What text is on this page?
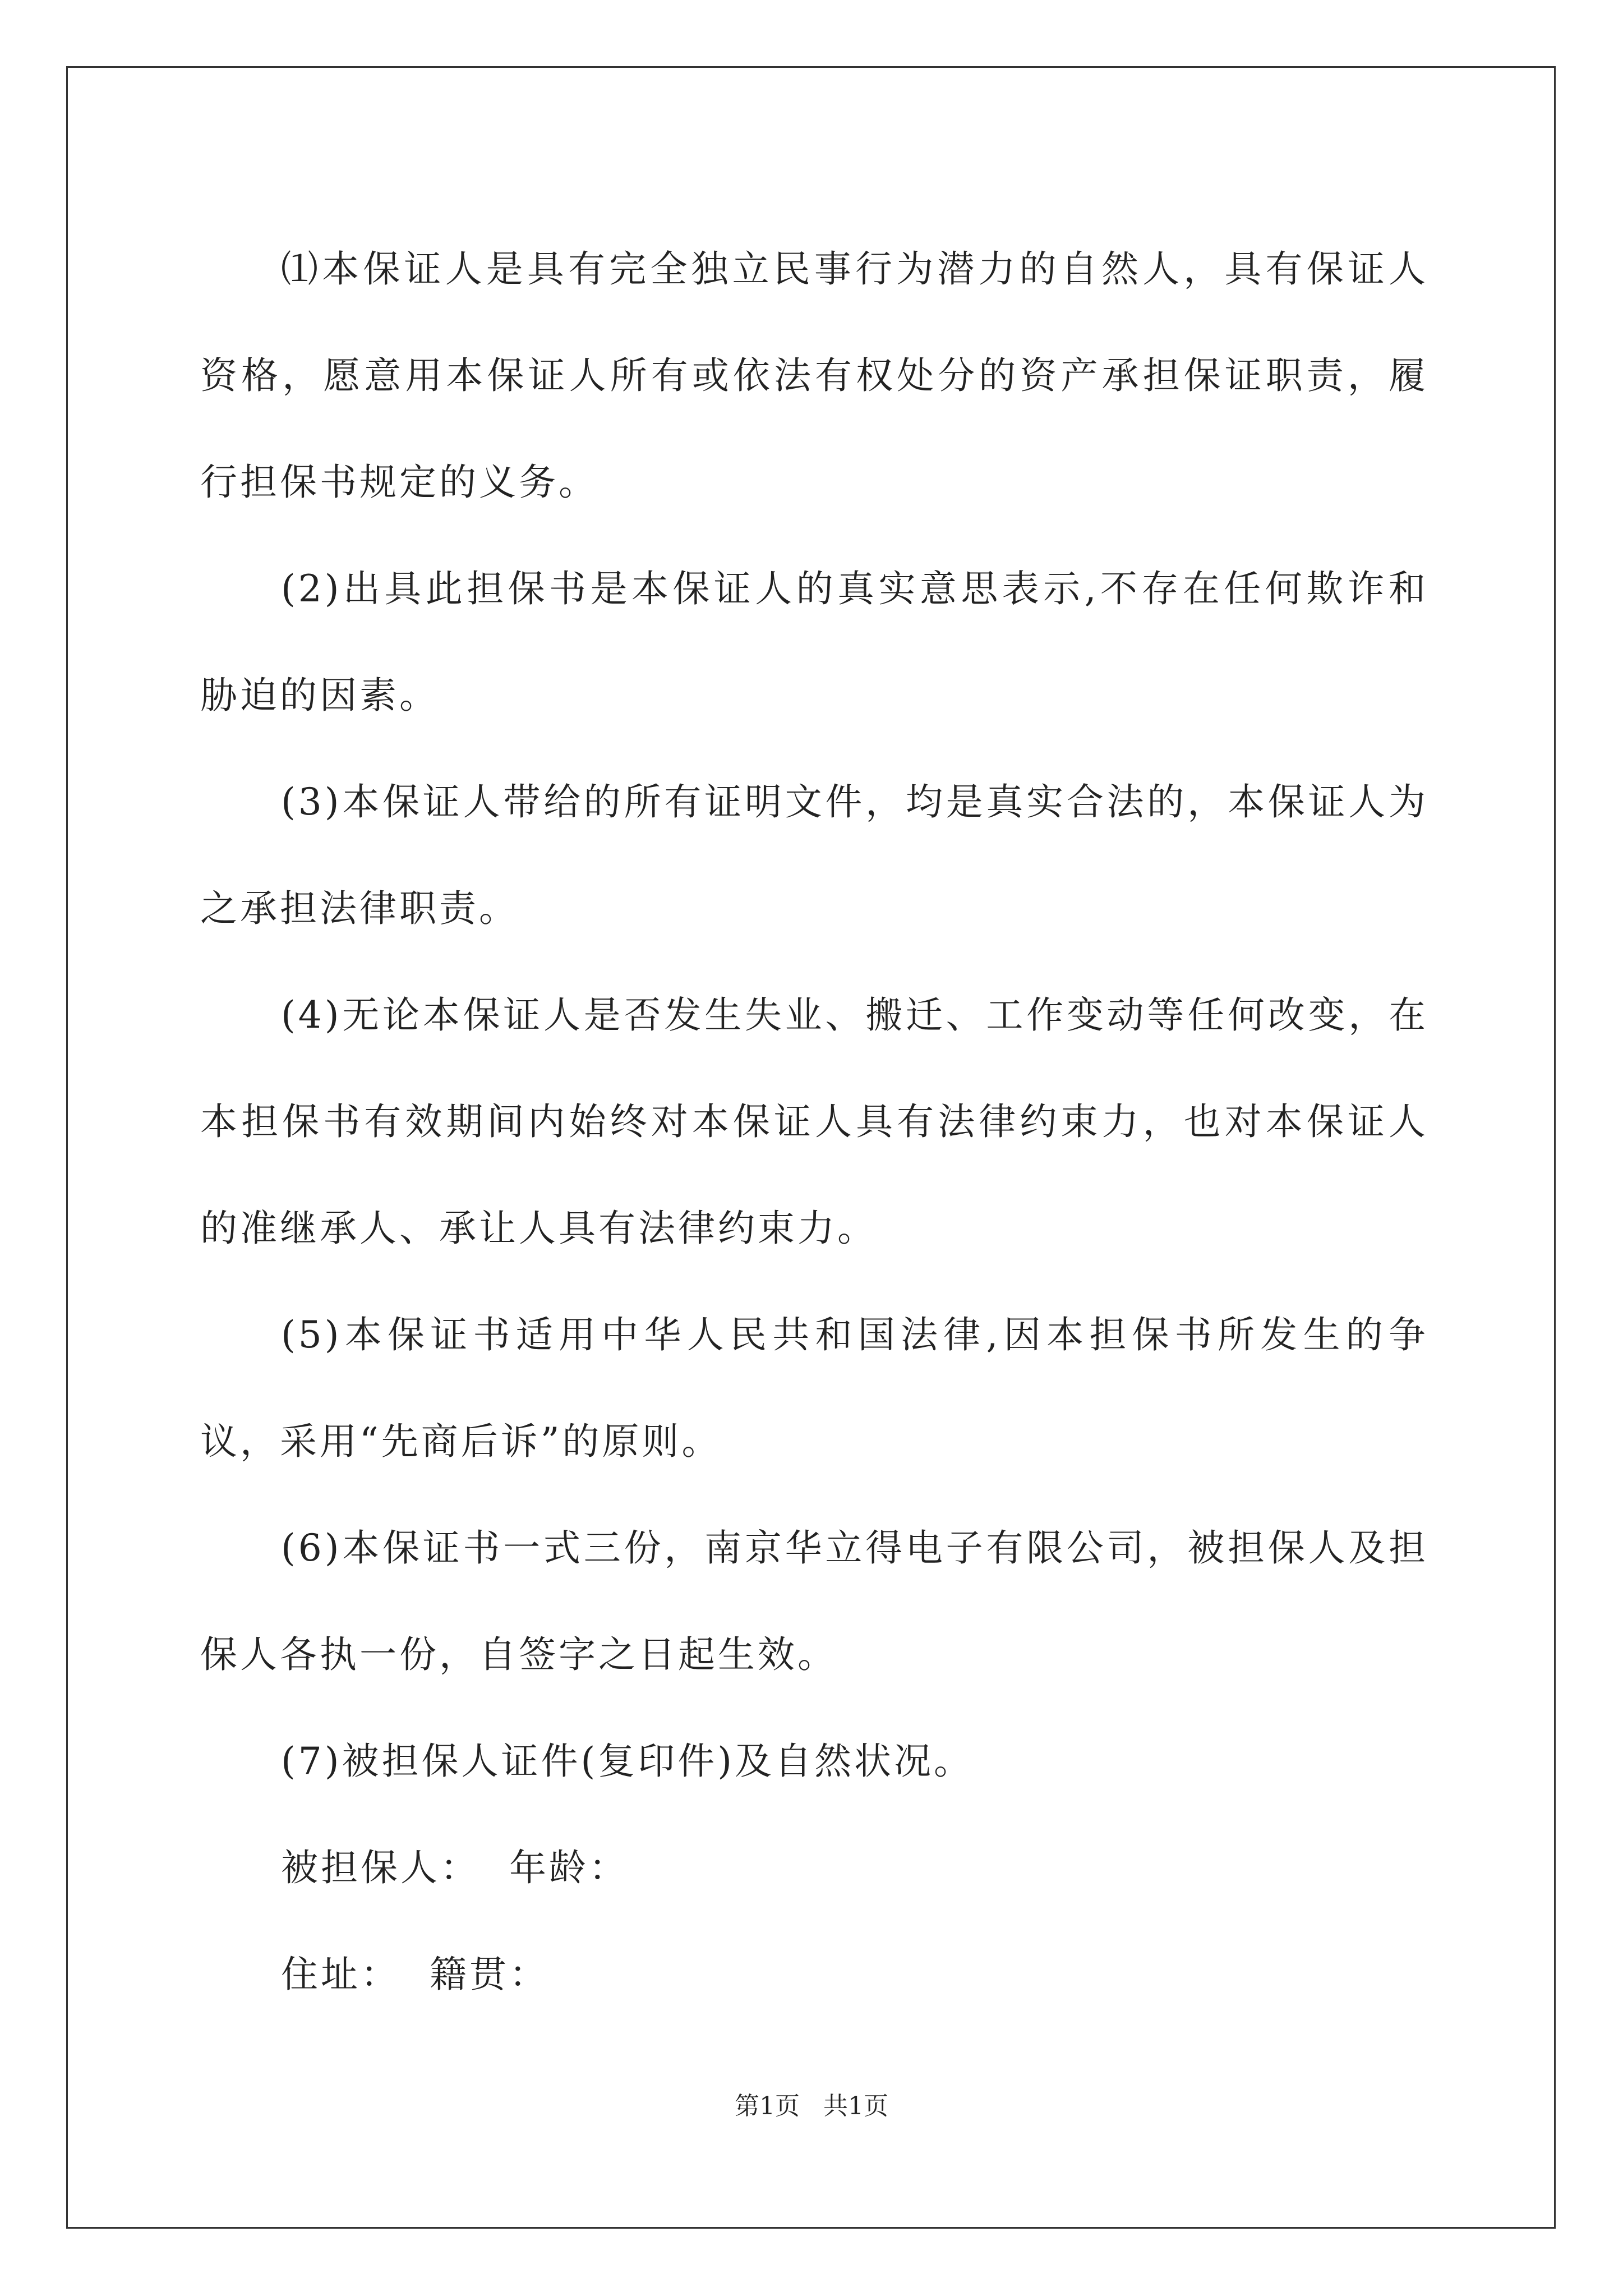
⑴本保证人是具有完全独立民事行为潜力的自然人，具有保证人资格，愿意用本保证人所有或依法有权处分的资产承担保证职责，履行担保书规定的义务。

(2)出具此担保书是本保证人的真实意思表示,不存在任何欺诈和胁迫的因素。

(3)本保证人带给的所有证明文件，均是真实合法的，本保证人为之承担法律职责。

(4)无论本保证人是否发生失业、搬迁、工作变动等任何改变，在本担保书有效期间内始终对本保证人具有法律约束力，也对本保证人的准继承人、承让人具有法律约束力。

(5)本保证书适用中华人民共和国法律,因本担保书所发生的争议，采用“先商后诉”的原则。

(6)本保证书一式三份，南京华立得电子有限公司，被担保人及担保人各执一份，自签字之日起生效。

(7)被担保人证件(复印件)及自然状况。

被担保人：  年龄：

住址：  籍贯：

第1页 共1页
